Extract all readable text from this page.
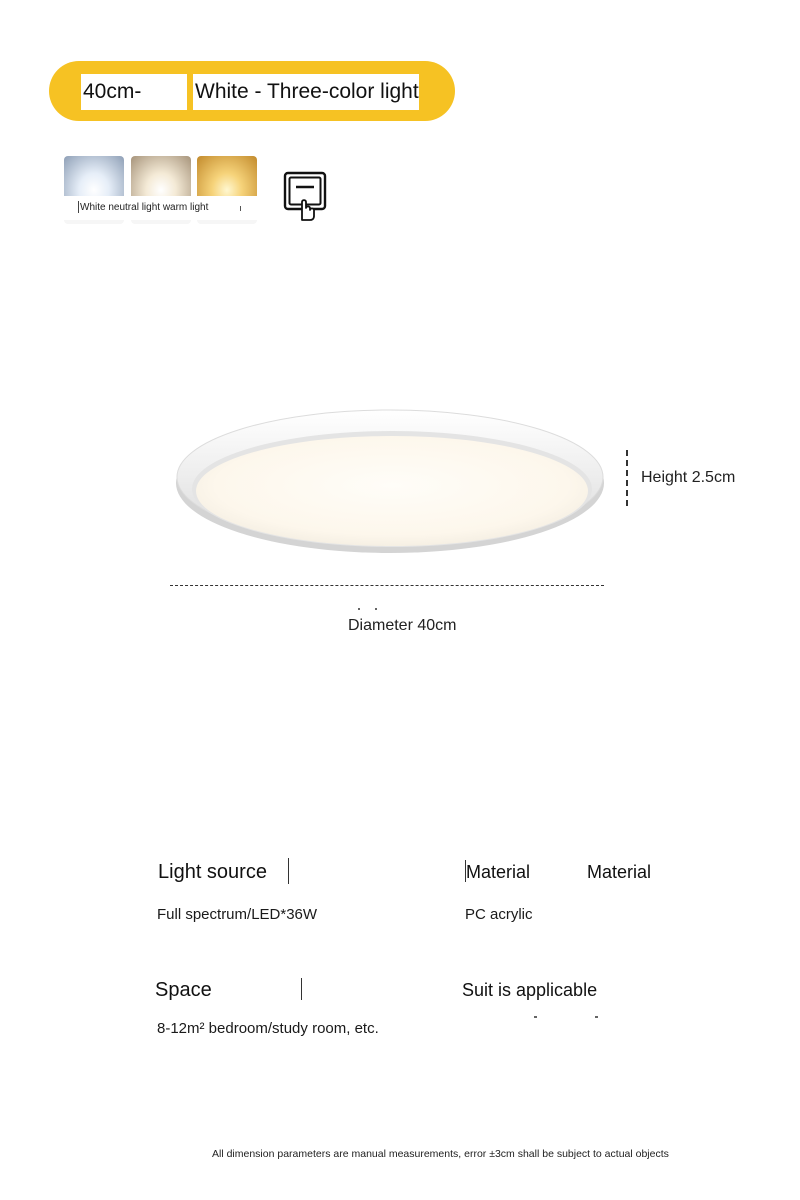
40cm-	White - Three-color light
White neutral light warm light
Height 2.5cm
Diameter 40cm
Light source	Material	Material
Full spectrum/LED*36W	PC acrylic
Space	Suit is applicable
8-12m² bedroom/study room, etc.
All dimension parameters are manual measurements, error ±3cm shall be subject to actual objects
